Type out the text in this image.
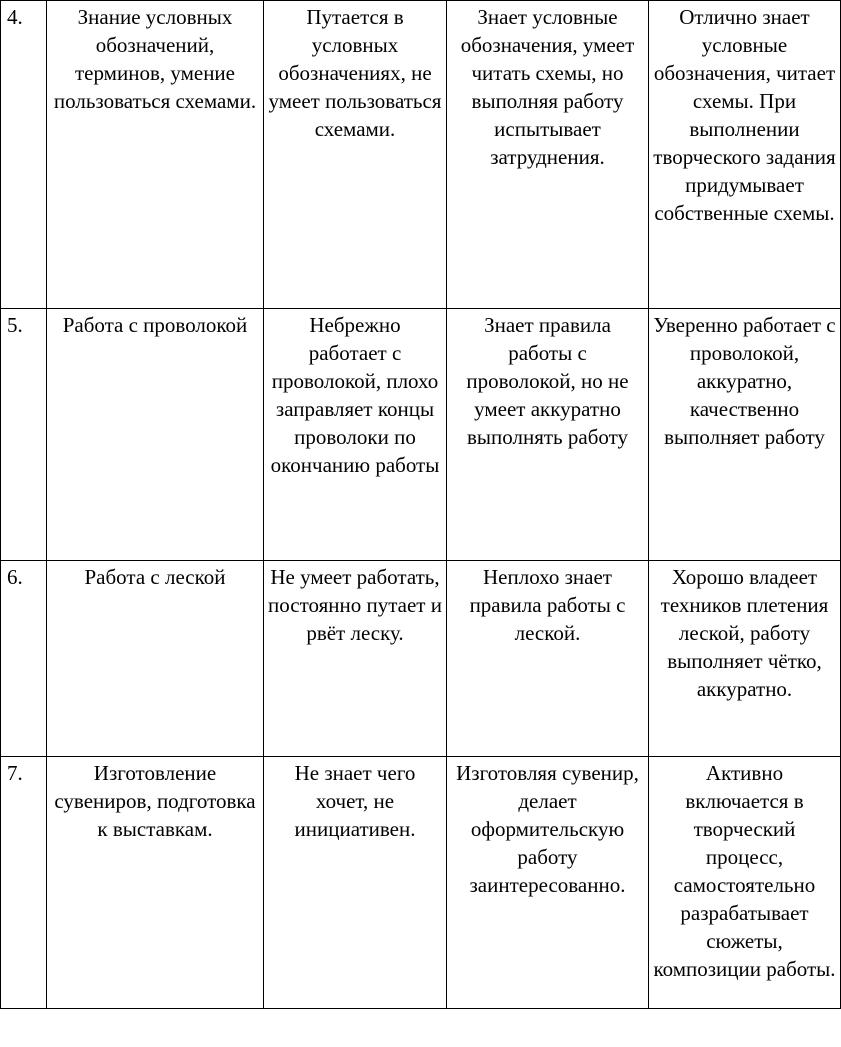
4.	Знание условных обозначений, терминов, умение пользоваться схемами.	Путается в условных обозначениях, не умеет пользоваться схемами.	Знает условные обозначения, умеет читать схемы, но выполняя работу испытывает затруднения.	Отлично знает условные обозначения, читает схемы. При выполнении творческого задания придумывает собственные схемы.

5.	Работа с проволокой	Небрежно работает с проволокой, плохо заправляет концы проволоки по окончанию работы	Знает правила работы с проволокой, но не умеет аккуратно выполнять работу	Уверенно работает с проволокой, аккуратно, качественно выполняет работу

6.	Работа с леской	Не умеет работать, постоянно путает и рвёт леску.	Неплохо знает правила работы с леской.	Хорошо владеет техников плетения леской, работу выполняет чётко, аккуратно.

7.	Изготовление сувениров, подготовка к выставкам.	Не знает чего хочет, не инициативен.	Изготовляя сувенир, делает оформительскую работу заинтересованно.	Активно включается в творческий процесс, самостоятельно разрабатывает сюжеты, композиции работы.
